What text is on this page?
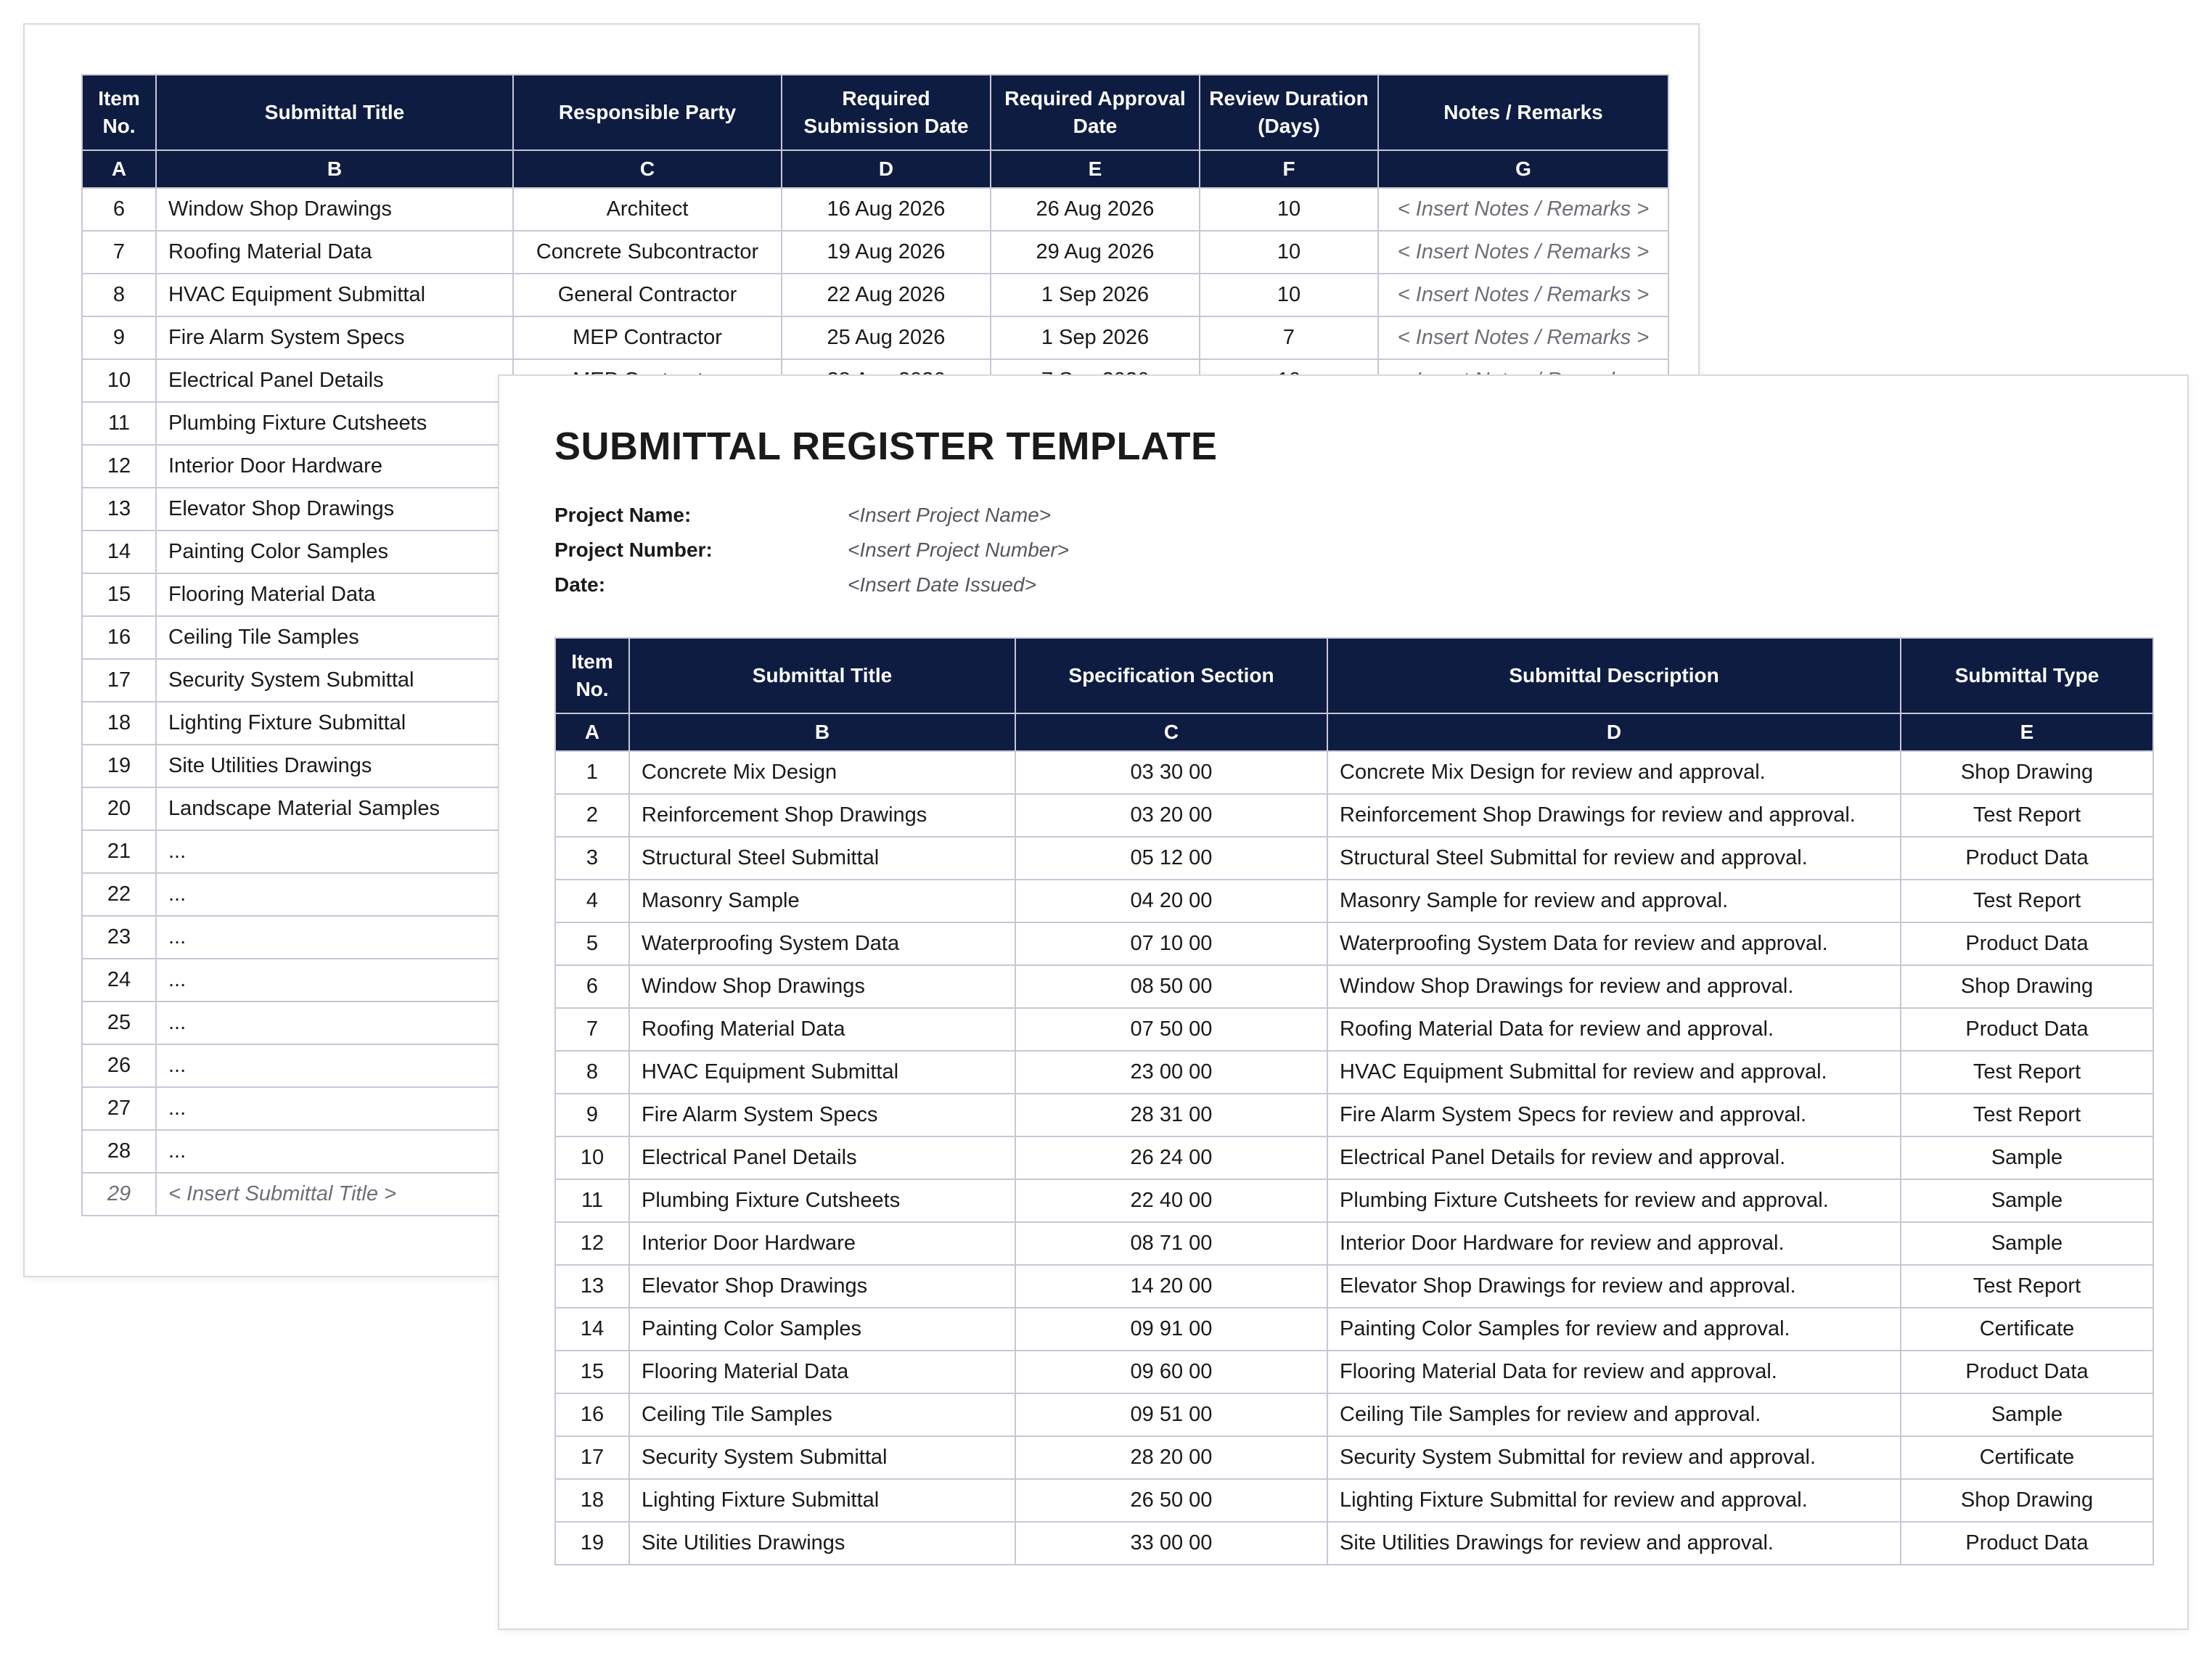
Item No.	Submittal Title	Responsible Party	Required Submission Date	Required Approval Date	Review Duration (Days)	Notes / Remarks
A	B	C	D	E	F	G
6	Window Shop Drawings	Architect	16 Aug 2026	26 Aug 2026	10	< Insert Notes / Remarks >
7	Roofing Material Data	Concrete Subcontractor	19 Aug 2026	29 Aug 2026	10	< Insert Notes / Remarks >
8	HVAC Equipment Submittal	General Contractor	22 Aug 2026	1 Sep 2026	10	< Insert Notes / Remarks >
9	Fire Alarm System Specs	MEP Contractor	25 Aug 2026	1 Sep 2026	7	< Insert Notes / Remarks >
10	Electrical Panel Details					
11	Plumbing Fixture Cutsheets					
12	Interior Door Hardware					
13	Elevator Shop Drawings					
14	Painting Color Samples					
15	Flooring Material Data					
16	Ceiling Tile Samples					
17	Security System Submittal					
18	Lighting Fixture Submittal					
19	Site Utilities Drawings					
20	Landscape Material Samples					
21	...					
22	...					
23	...					
24	...					
25	...					
26	...					
27	...					
28	...					
29	< Insert Submittal Title >					
SUBMITTAL REGISTER TEMPLATE
Project Name:	<Insert Project Name>
Project Number:	<Insert Project Number>
Date:	<Insert Date Issued>
Item No.	Submittal Title	Specification Section	Submittal Description	Submittal Type
A	B	C	D	E
1	Concrete Mix Design	03 30 00	Concrete Mix Design for review and approval.	Shop Drawing
2	Reinforcement Shop Drawings	03 20 00	Reinforcement Shop Drawings for review and approval.	Test Report
3	Structural Steel Submittal	05 12 00	Structural Steel Submittal for review and approval.	Product Data
4	Masonry Sample	04 20 00	Masonry Sample for review and approval.	Test Report
5	Waterproofing System Data	07 10 00	Waterproofing System Data for review and approval.	Product Data
6	Window Shop Drawings	08 50 00	Window Shop Drawings for review and approval.	Shop Drawing
7	Roofing Material Data	07 50 00	Roofing Material Data for review and approval.	Product Data
8	HVAC Equipment Submittal	23 00 00	HVAC Equipment Submittal for review and approval.	Test Report
9	Fire Alarm System Specs	28 31 00	Fire Alarm System Specs for review and approval.	Test Report
10	Electrical Panel Details	26 24 00	Electrical Panel Details for review and approval.	Sample
11	Plumbing Fixture Cutsheets	22 40 00	Plumbing Fixture Cutsheets for review and approval.	Sample
12	Interior Door Hardware	08 71 00	Interior Door Hardware for review and approval.	Sample
13	Elevator Shop Drawings	14 20 00	Elevator Shop Drawings for review and approval.	Test Report
14	Painting Color Samples	09 91 00	Painting Color Samples for review and approval.	Certificate
15	Flooring Material Data	09 60 00	Flooring Material Data for review and approval.	Product Data
16	Ceiling Tile Samples	09 51 00	Ceiling Tile Samples for review and approval.	Sample
17	Security System Submittal	28 20 00	Security System Submittal for review and approval.	Certificate
18	Lighting Fixture Submittal	26 50 00	Lighting Fixture Submittal for review and approval.	Shop Drawing
19	Site Utilities Drawings	33 00 00	Site Utilities Drawings for review and approval.	Product Data
